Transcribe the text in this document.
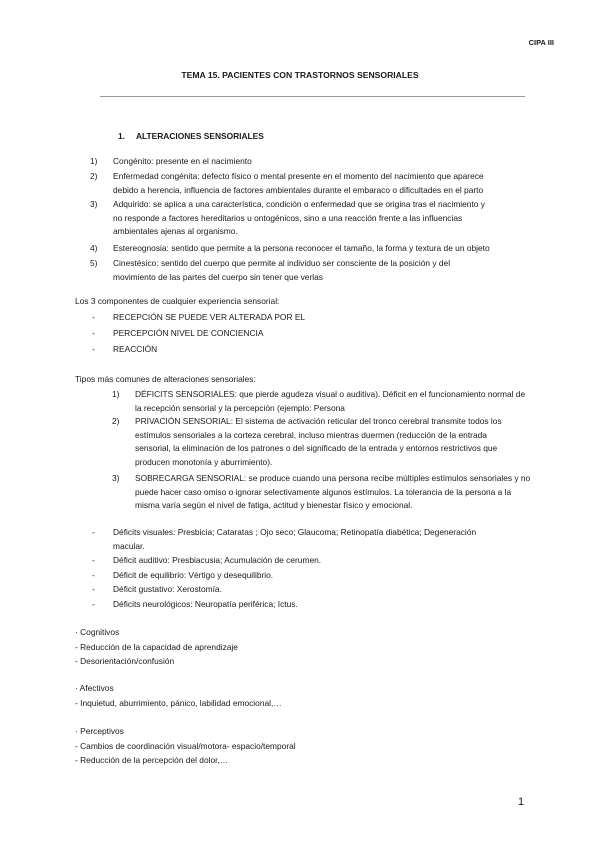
CIPA III
TEMA 15. PACIENTES CON TRASTORNOS SENSORIALES
1. ALTERACIONES SENSORIALES
1) Congénito: presente en el nacimiento
2) Enfermedad congénita: defecto físico o mental presente en el momento del nacimiento que aparece
debido a herencia, influencia de factores ambientales durante el embaraco o dificultades en el parto
3) Adquirido: se aplica a una característica, condición o enfermedad que se origina tras el nacimiento y
no responde a factores hereditarios u ontogénicos, sino a una reacción frente a las influencias
ambientales ajenas al organismo.
4) Estereognosia: sentido que permite a la persona reconocer el tamaño, la forma y textura de un objeto
5) Cinestésico: sentido del cuerpo que permite al individuo ser consciente de la posición y del
movimiento de las partes del cuerpo sin tener que verlas
Los 3 componentes de cualquier experiencia sensorial:
- RECEPCIÓN SE PUEDE VER ALTERADA POR EL
- PERCEPCIÓN NIVEL DE CONCIENCIA
- REACCIÓN
Tipos más comunes de alteraciones sensoriales:
1) DÉFICITS SENSORIALES: que pierde agudeza visual o auditiva). Déficit en el funcionamiento normal de
la recepción sensorial y la percepción (ejemplo: Persona
2) PRIVACIÓN SENSORIAL: El sistema de activación reticular del tronco cerebral transmite todos los
estímulos sensoriales a la corteza cerebral, incluso mientras duermen (reducción de la entrada
sensorial, la eliminación de los patrones o del significado de la entrada y entornos restrictivos que
producen monotonía y aburrimiento).
3) SOBRECARGA SENSORIAL: se produce cuando una persona recibe múltiples estímulos sensoriales y no
puede hacer caso omiso o ignorar selectivamente algunos estímulos. La tolerancia de la persona a la
misma varía según el nivel de fatiga, actitud y bienestar físico y emocional.
- Déficits visuales: Presbicia; Cataratas ; Ojo seco; Glaucoma; Retinopatía diabética; Degeneración
macular.
- Déficit auditivo: Presbiacusia; Acumulación de cerumen.
- Déficit de equilibrio: Vértigo y desequilibrio.
- Déficit gustativo: Xerostomía.
- Déficits neurológicos: Neuropatía periférica; Ictus.
· Cognitivos
- Reducción de la capacidad de aprendizaje
- Desorientación/confusión
· Afectivos
- Inquietud, aburrimiento, pánico, labilidad emocional,…
· Perceptivos
- Cambios de coordinación visual/motora- espacio/temporal
- Reducción de la percepción del dolor,…
1
